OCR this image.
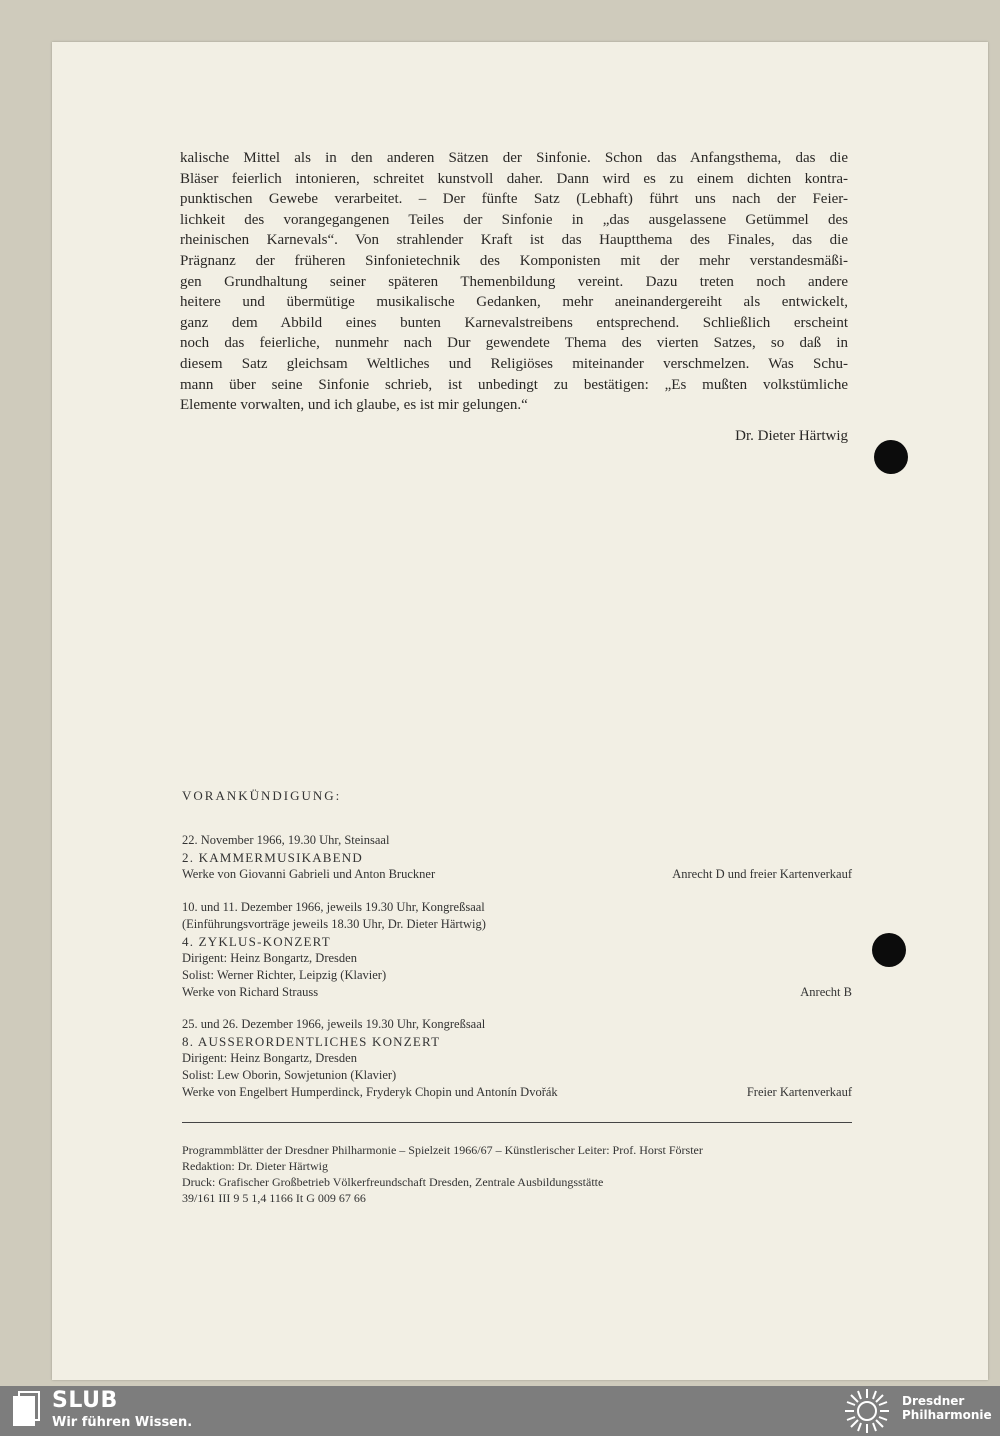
kalische Mittel als in den anderen Sätzen der Sinfonie. Schon das Anfangsthema, das die
Bläser feierlich intonieren, schreitet kunstvoll daher. Dann wird es zu einem dichten kontra-
punktischen Gewebe verarbeitet. – Der fünfte Satz (Lebhaft) führt uns nach der Feier-
lichkeit des vorangegangenen Teiles der Sinfonie in „das ausgelassene Getümmel des
rheinischen Karnevals“. Von strahlender Kraft ist das Hauptthema des Finales, das die
Prägnanz der früheren Sinfonietechnik des Komponisten mit der mehr verstandesmäßi-
gen Grundhaltung seiner späteren Themenbildung vereint. Dazu treten noch andere
heitere und übermütige musikalische Gedanken, mehr aneinandergereiht als entwickelt,
ganz dem Abbild eines bunten Karnevalstreibens entsprechend. Schließlich erscheint
noch das feierliche, nunmehr nach Dur gewendete Thema des vierten Satzes, so daß in
diesem Satz gleichsam Weltliches und Religiöses miteinander verschmelzen. Was Schu-
mann über seine Sinfonie schrieb, ist unbedingt zu bestätigen: „Es mußten volkstümliche
Elemente vorwalten, und ich glaube, es ist mir gelungen.“
Dr. Dieter Härtwig
VORANKÜNDIGUNG:
22. November 1966, 19.30 Uhr, Steinsaal
2. KAMMERMUSIKABEND
Werke von Giovanni Gabrieli und Anton Bruckner	Anrecht D und freier Kartenverkauf
10. und 11. Dezember 1966, jeweils 19.30 Uhr, Kongreßsaal
(Einführungsvorträge jeweils 18.30 Uhr, Dr. Dieter Härtwig)
4. ZYKLUS-KONZERT
Dirigent: Heinz Bongartz, Dresden
Solist: Werner Richter, Leipzig (Klavier)
Werke von Richard Strauss	Anrecht B
25. und 26. Dezember 1966, jeweils 19.30 Uhr, Kongreßsaal
8. AUSSERORDENTLICHES KONZERT
Dirigent: Heinz Bongartz, Dresden
Solist: Lew Oborin, Sowjetunion (Klavier)
Werke von Engelbert Humperdinck, Fryderyk Chopin und Antonín Dvořák	Freier Kartenverkauf
Programmblätter der Dresdner Philharmonie – Spielzeit 1966/67 – Künstlerischer Leiter: Prof. Horst Förster
Redaktion: Dr. Dieter Härtwig
Druck: Grafischer Großbetrieb Völkerfreundschaft Dresden, Zentrale Ausbildungsstätte
39/161 III 9 5 1,4 1166 It G 009 67 66
SLUB
Wir führen Wissen.
Dresdner
Philharmonie
